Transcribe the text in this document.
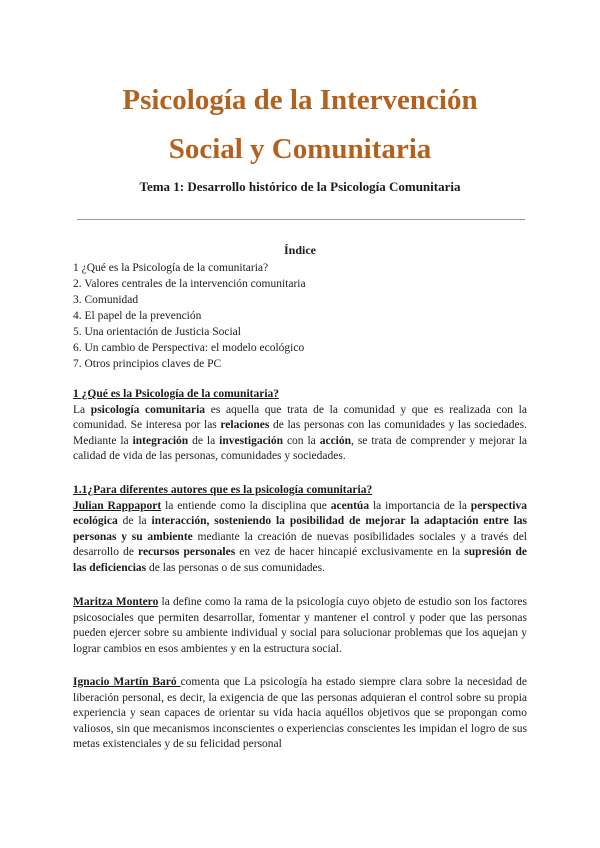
Psicología de la Intervención
Social y Comunitaria
Tema 1: Desarrollo histórico de la Psicología Comunitaria
Índice
1 ¿Qué es la Psicología de la comunitaria?
2. Valores centrales de la intervención comunitaria
3. Comunidad
4. El papel de la prevención
5. Una orientación de Justicia Social
6. Un cambio de Perspectiva: el modelo ecológico
7. Otros principios claves de PC
1 ¿Qué es la Psicología de la comunitaria?
La psicología comunitaria es aquella que trata de la comunidad y que es realizada con la comunidad. Se interesa por las relaciones de las personas con las comunidades y las sociedades. Mediante la integración de la investigación con la acción, se trata de comprender y mejorar la calidad de vida de las personas, comunidades y sociedades.
1.1¿Para diferentes autores que es la psicología comunitaria?
Julian Rappaport la entiende como la disciplina que acentúa la importancia de la perspectiva ecológica de la interacción, sosteniendo la posibilidad de mejorar la adaptación entre las personas y su ambiente mediante la creación de nuevas posibilidades sociales y a través del desarrollo de recursos personales en vez de hacer hincapié exclusivamente en la supresión de las deficiencias de las personas o de sus comunidades.
Maritza Montero la define como la rama de la psicología cuyo objeto de estudio son los factores psicosociales que permiten desarrollar, fomentar y mantener el control y poder que las personas pueden ejercer sobre su ambiente individual y social para solucionar problemas que los aquejan y lograr cambios en esos ambientes y en la estructura social.
Ignacio Martín Baró comenta que La psicología ha estado siempre clara sobre la necesidad de liberación personal, es decir, la exigencia de que las personas adquieran el control sobre su propia experiencia y sean capaces de orientar su vida hacia aquéllos objetivos que se propongan como valiosos, sin que mecanismos inconscientes o experiencias conscientes les impidan el logro de sus metas existenciales y de su felicidad personal
